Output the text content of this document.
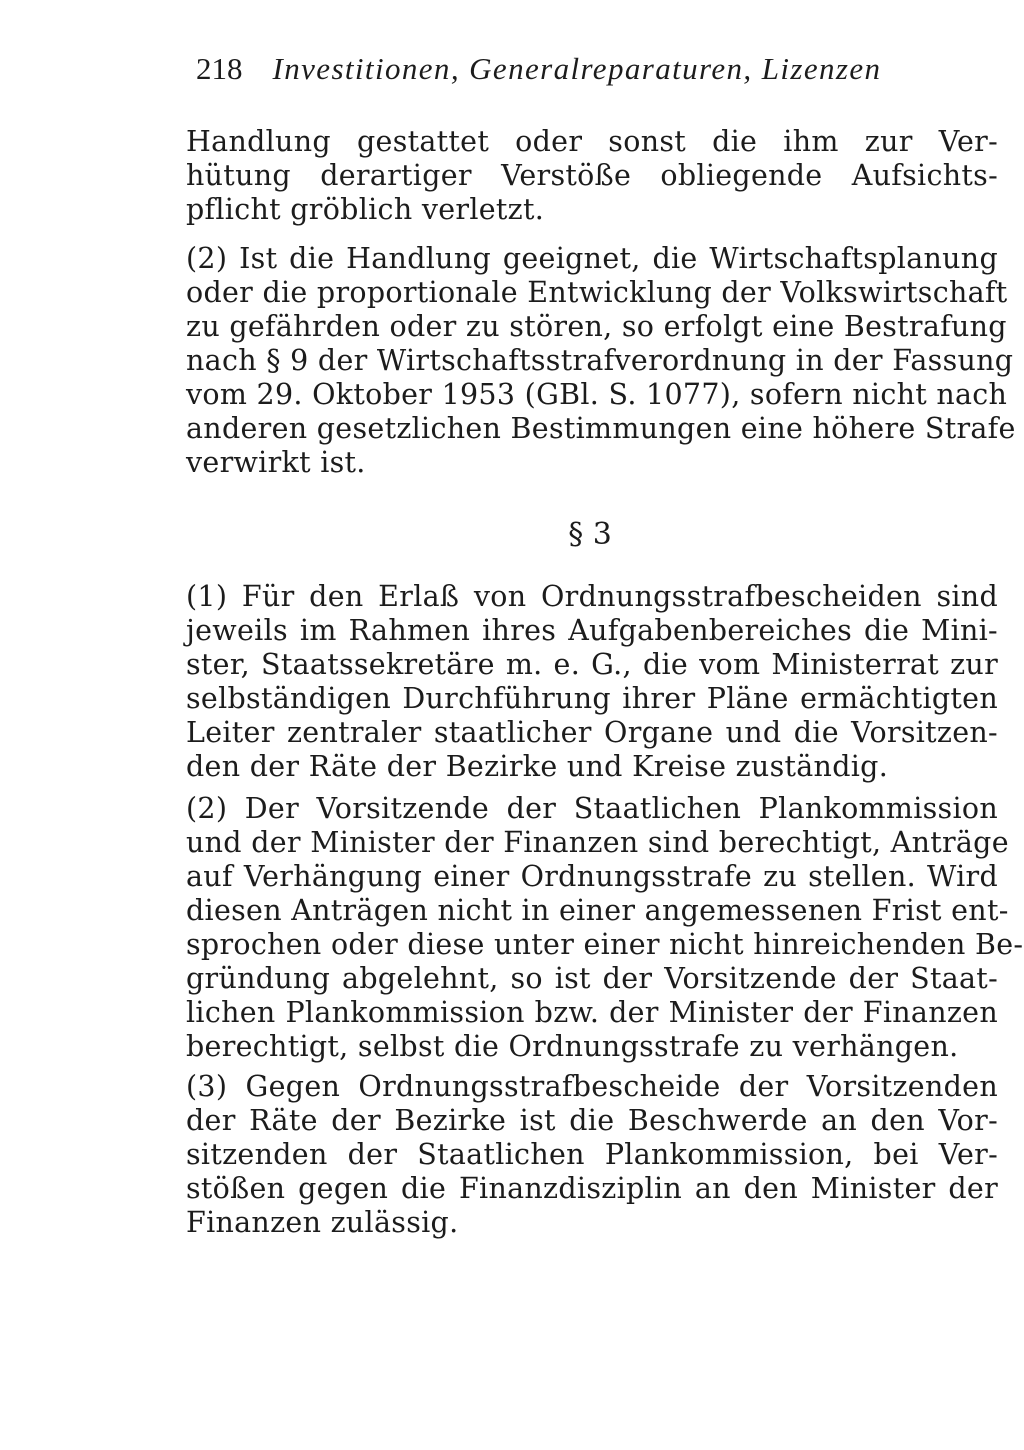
218 Investitionen, Generalreparaturen, Lizenzen
Handlung gestattet oder sonst die ihm zur Ver-
hütung derartiger Verstöße obliegende Aufsichts-
pflicht gröblich verletzt.
(2) Ist die Handlung geeignet, die Wirtschaftsplanung
oder die proportionale Entwicklung der Volkswirtschaft
zu gefährden oder zu stören, so erfolgt eine Bestrafung
nach § 9 der Wirtschaftsstrafverordnung in der Fassung
vom 29. Oktober 1953 (GBl. S. 1077), sofern nicht nach
anderen gesetzlichen Bestimmungen eine höhere Strafe
verwirkt ist.
§ 3
(1) Für den Erlaß von Ordnungsstrafbescheiden sind
jeweils im Rahmen ihres Aufgabenbereiches die Mini-
ster, Staatssekretäre m. e. G., die vom Ministerrat zur
selbständigen Durchführung ihrer Pläne ermächtigten
Leiter zentraler staatlicher Organe und die Vorsitzen-
den der Räte der Bezirke und Kreise zuständig.
(2) Der Vorsitzende der Staatlichen Plankommission
und der Minister der Finanzen sind berechtigt, Anträge
auf Verhängung einer Ordnungsstrafe zu stellen. Wird
diesen Anträgen nicht in einer angemessenen Frist ent-
sprochen oder diese unter einer nicht hinreichenden Be-
gründung abgelehnt, so ist der Vorsitzende der Staat-
lichen Plankommission bzw. der Minister der Finanzen
berechtigt, selbst die Ordnungsstrafe zu verhängen.
(3) Gegen Ordnungsstrafbescheide der Vorsitzenden
der Räte der Bezirke ist die Beschwerde an den Vor-
sitzenden der Staatlichen Plankommission, bei Ver-
stößen gegen die Finanzdisziplin an den Minister der
Finanzen zulässig.
